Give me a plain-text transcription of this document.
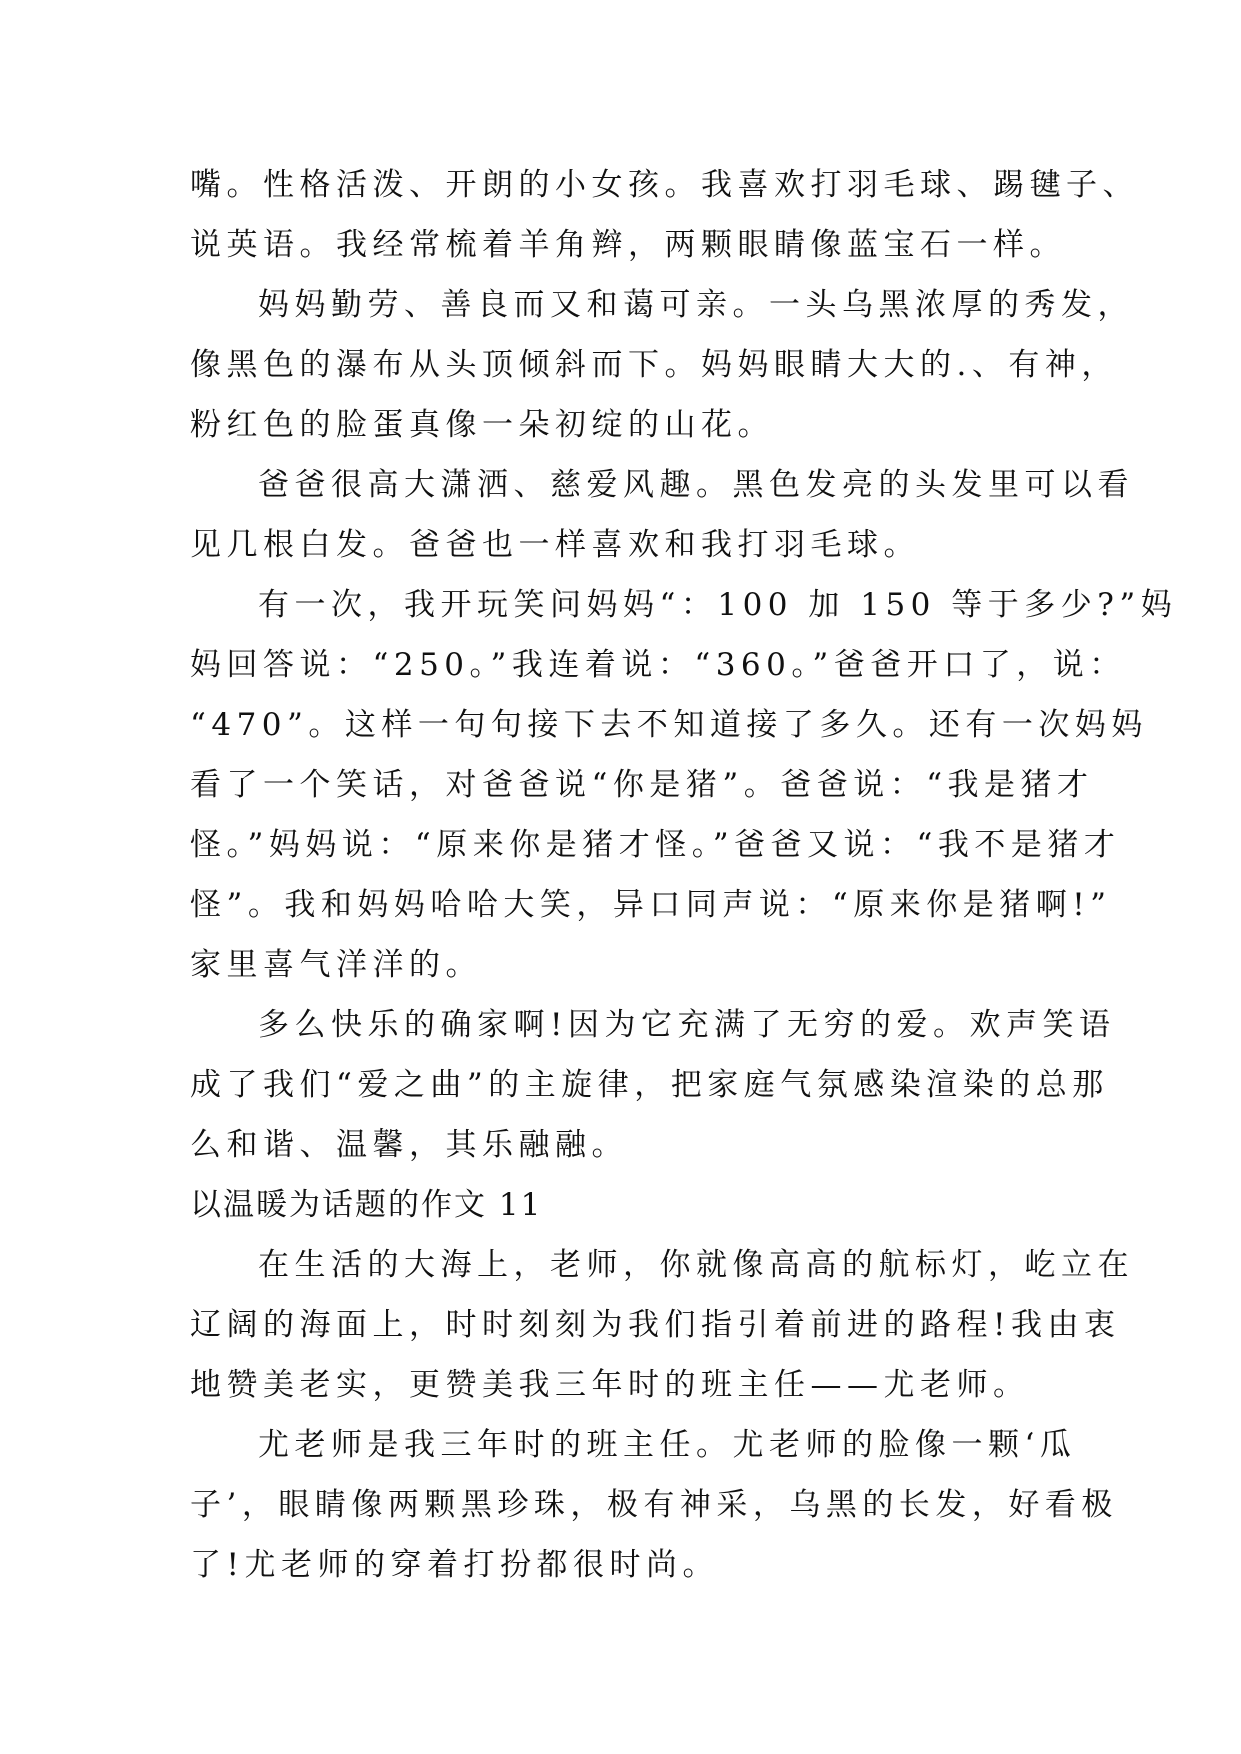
嘴。性格活泼、开朗的小女孩。我喜欢打羽毛球、踢毽子、
说英语。我经常梳着羊角辫，两颗眼睛像蓝宝石一样。
妈妈勤劳、善良而又和蔼可亲。一头乌黑浓厚的秀发，
像黑色的瀑布从头顶倾斜而下。妈妈眼睛大大的.、有神，
粉红色的脸蛋真像一朵初绽的山花。
爸爸很高大潇洒、慈爱风趣。黑色发亮的头发里可以看
见几根白发。爸爸也一样喜欢和我打羽毛球。
有一次，我开玩笑问妈妈“：100 加 150 等于多少?”妈
妈回答说：“250。”我连着说：“360。”爸爸开口了，说：
“470”。这样一句句接下去不知道接了多久。还有一次妈妈
看了一个笑话，对爸爸说“你是猪”。爸爸说：“我是猪才
怪。”妈妈说：“原来你是猪才怪。”爸爸又说：“我不是猪才
怪”。我和妈妈哈哈大笑，异口同声说：“原来你是猪啊!”
家里喜气洋洋的。
多么快乐的确家啊!因为它充满了无穷的爱。欢声笑语
成了我们“爱之曲”的主旋律，把家庭气氛感染渲染的总那
么和谐、温馨，其乐融融。
以温暖为话题的作文 11
在生活的大海上，老师，你就像高高的航标灯，屹立在
辽阔的海面上，时时刻刻为我们指引着前进的路程!我由衷
地赞美老实，更赞美我三年时的班主任——尤老师。
尤老师是我三年时的班主任。尤老师的脸像一颗‘瓜
子’，眼睛像两颗黑珍珠，极有神采，乌黑的长发，好看极
了!尤老师的穿着打扮都很时尚。
